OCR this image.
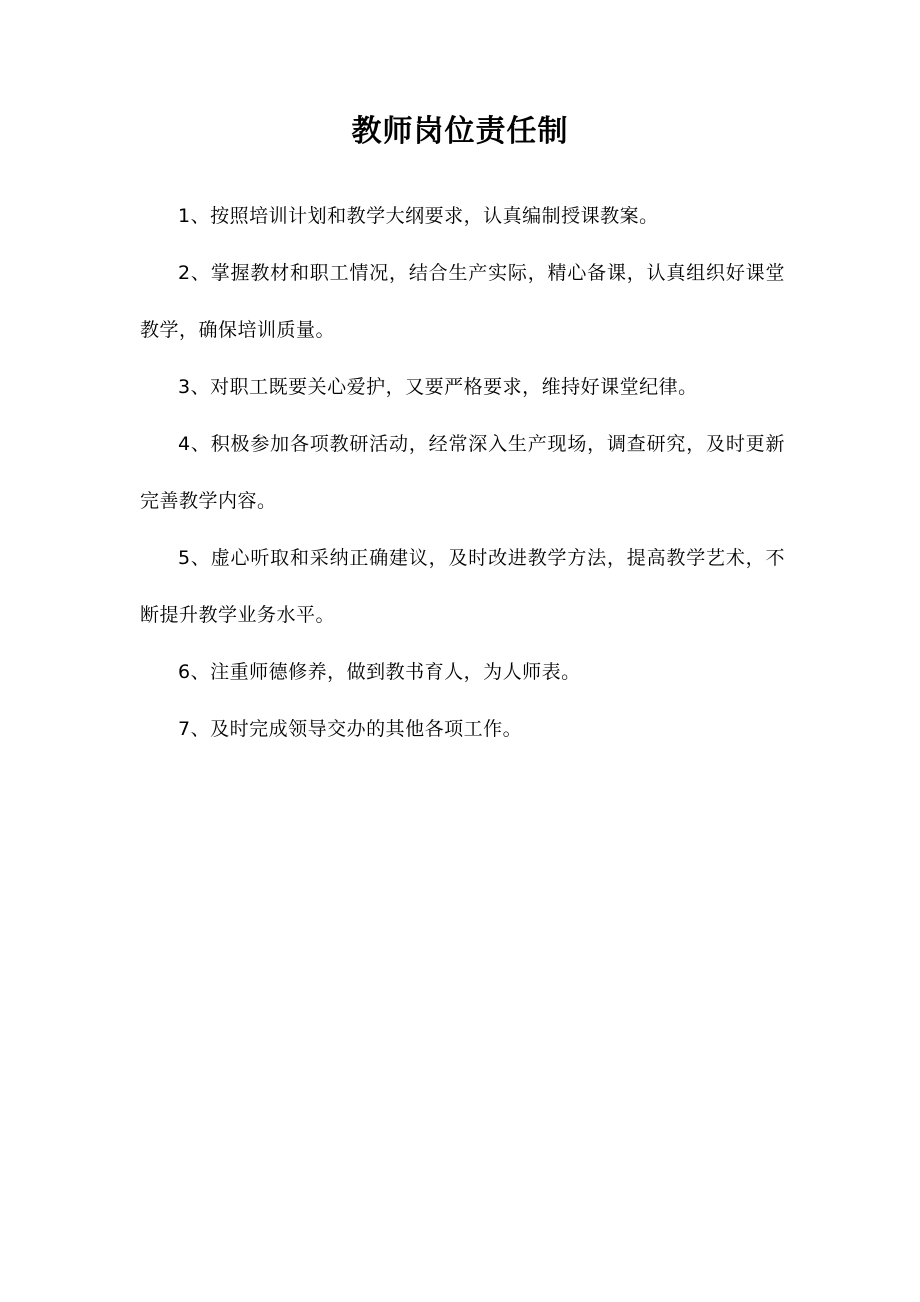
教师岗位责任制

1、按照培训计划和教学大纲要求，认真编制授课教案。

2、掌握教材和职工情况，结合生产实际，精心备课，认真组织好课堂教学，确保培训质量。

3、对职工既要关心爱护，又要严格要求，维持好课堂纪律。

4、积极参加各项教研活动，经常深入生产现场，调查研究，及时更新完善教学内容。

5、虚心听取和采纳正确建议，及时改进教学方法，提高教学艺术，不断提升教学业务水平。

6、注重师德修养，做到教书育人，为人师表。

7、及时完成领导交办的其他各项工作。
